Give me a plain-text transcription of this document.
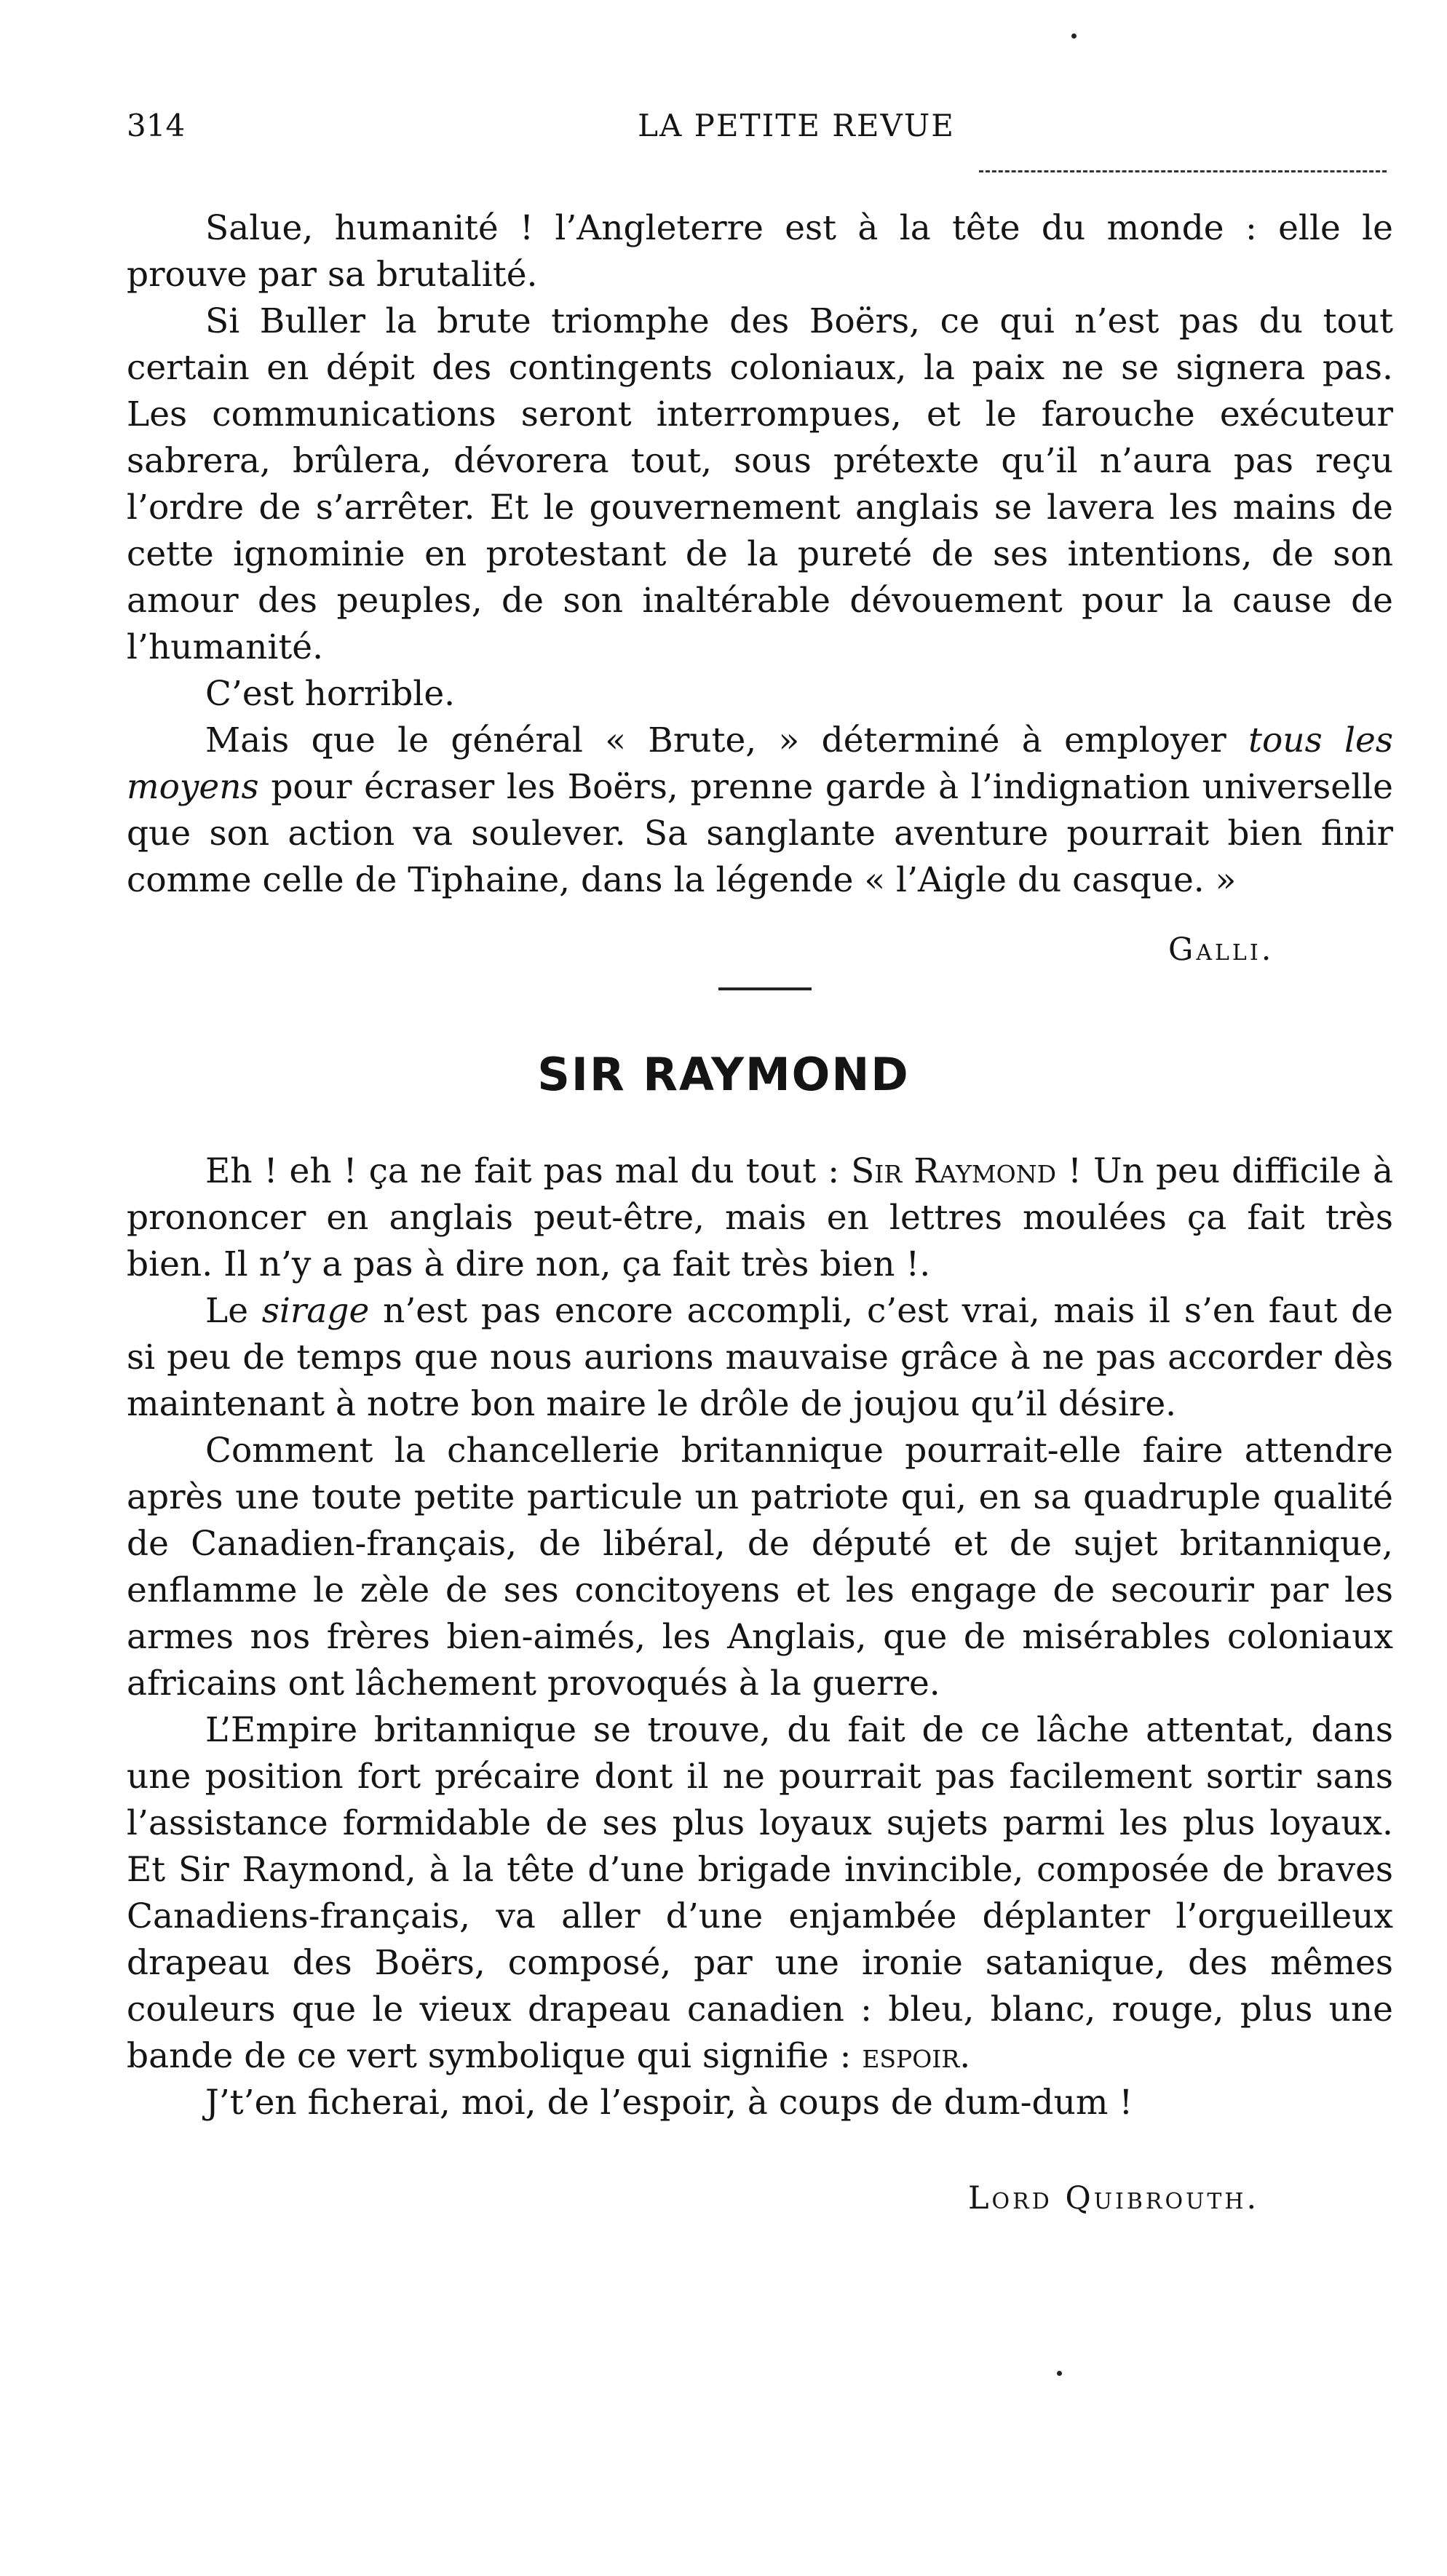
314	LA PETITE REVUE

Salue, humanité ! l’Angleterre est à la tête du monde : elle le prouve par sa brutalité.

Si Buller la brute triomphe des Boërs, ce qui n’est pas du tout certain en dépit des contingents coloniaux, la paix ne se signera pas. Les communications seront interrompues, et le farouche exécuteur sabrera, brûlera, dévorera tout, sous prétexte qu’il n’aura pas reçu l’ordre de s’arrêter. Et le gouvernement anglais se lavera les mains de cette ignominie en protestant de la pureté de ses intentions, de son amour des peuples, de son inaltérable dévouement pour la cause de l’humanité.

C’est horrible.

Mais que le général « Brute, » déterminé à employer tous les moyens pour écraser les Boërs, prenne garde à l’indignation universelle que son action va soulever. Sa sanglante aventure pourrait bien finir comme celle de Tiphaine, dans la légende « l’Aigle du casque. »

Galli.
SIR RAYMOND

Eh ! eh ! ça ne fait pas mal du tout : Sir Raymond ! Un peu difficile à prononcer en anglais peut-être, mais en lettres moulées ça fait très bien. Il n’y a pas à dire non, ça fait très bien !.

Le sirage n’est pas encore accompli, c’est vrai, mais il s’en faut de si peu de temps que nous aurions mauvaise grâce à ne pas accorder dès maintenant à notre bon maire le drôle de joujou qu’il désire.

Comment la chancellerie britannique pourrait-elle faire attendre après une toute petite particule un patriote qui, en sa quadruple qualité de Canadien-français, de libéral, de député et de sujet britannique, enflamme le zèle de ses concitoyens et les engage de secourir par les armes nos frères bien-aimés, les Anglais, que de misérables coloniaux africains ont lâchement provoqués à la guerre.

L’Empire britannique se trouve, du fait de ce lâche attentat, dans une position fort précaire dont il ne pourrait pas facilement sortir sans l’assistance formidable de ses plus loyaux sujets parmi les plus loyaux. Et Sir Raymond, à la tête d’une brigade invincible, composée de braves Canadiens-français, va aller d’une enjambée déplanter l’orgueilleux drapeau des Boërs, composé, par une ironie satanique, des mêmes couleurs que le vieux drapeau canadien : bleu, blanc, rouge, plus une bande de ce vert symbolique qui signifie : espoir.

J’t’en ficherai, moi, de l’espoir, à coups de dum-dum !

Lord Quibrouth.
